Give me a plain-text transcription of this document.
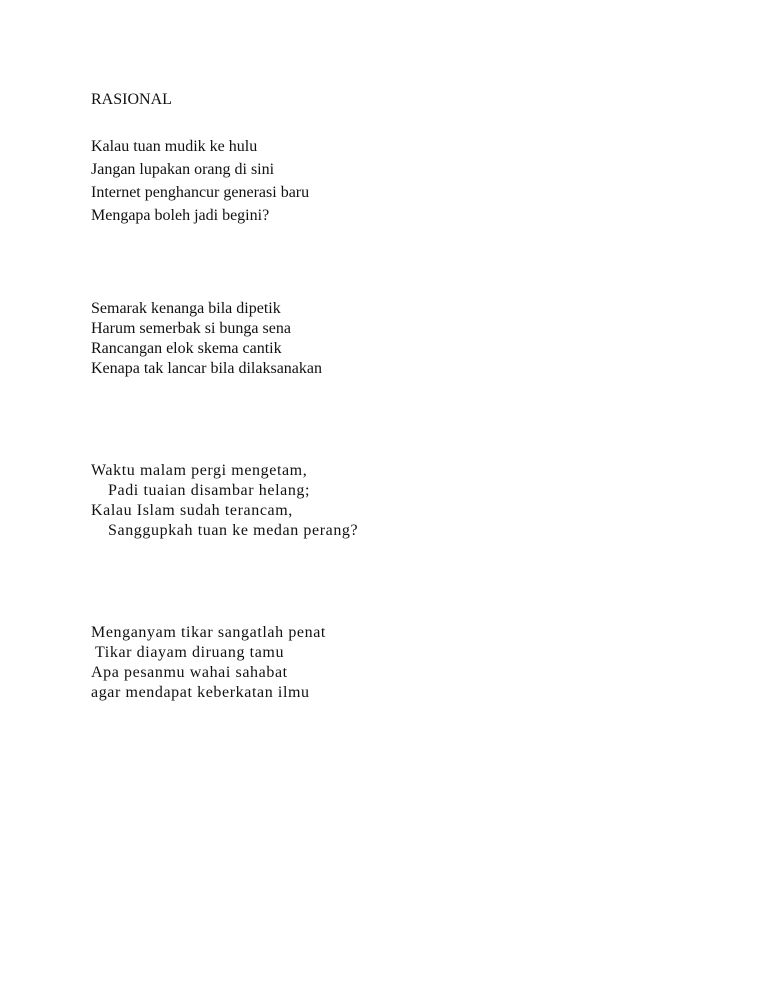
RASIONAL
Kalau tuan mudik ke hulu
Jangan lupakan orang di sini
Internet penghancur generasi baru
Mengapa boleh jadi begini?
Semarak kenanga bila dipetik
Harum semerbak si bunga sena
Rancangan elok skema cantik
Kenapa tak lancar bila dilaksanakan
Waktu malam pergi mengetam,
Padi tuaian disambar helang;
Kalau Islam sudah terancam,
Sanggupkah tuan ke medan perang?
Menganyam tikar sangatlah penat
Tikar diayam diruang tamu
Apa pesanmu wahai sahabat
agar mendapat keberkatan ilmu
